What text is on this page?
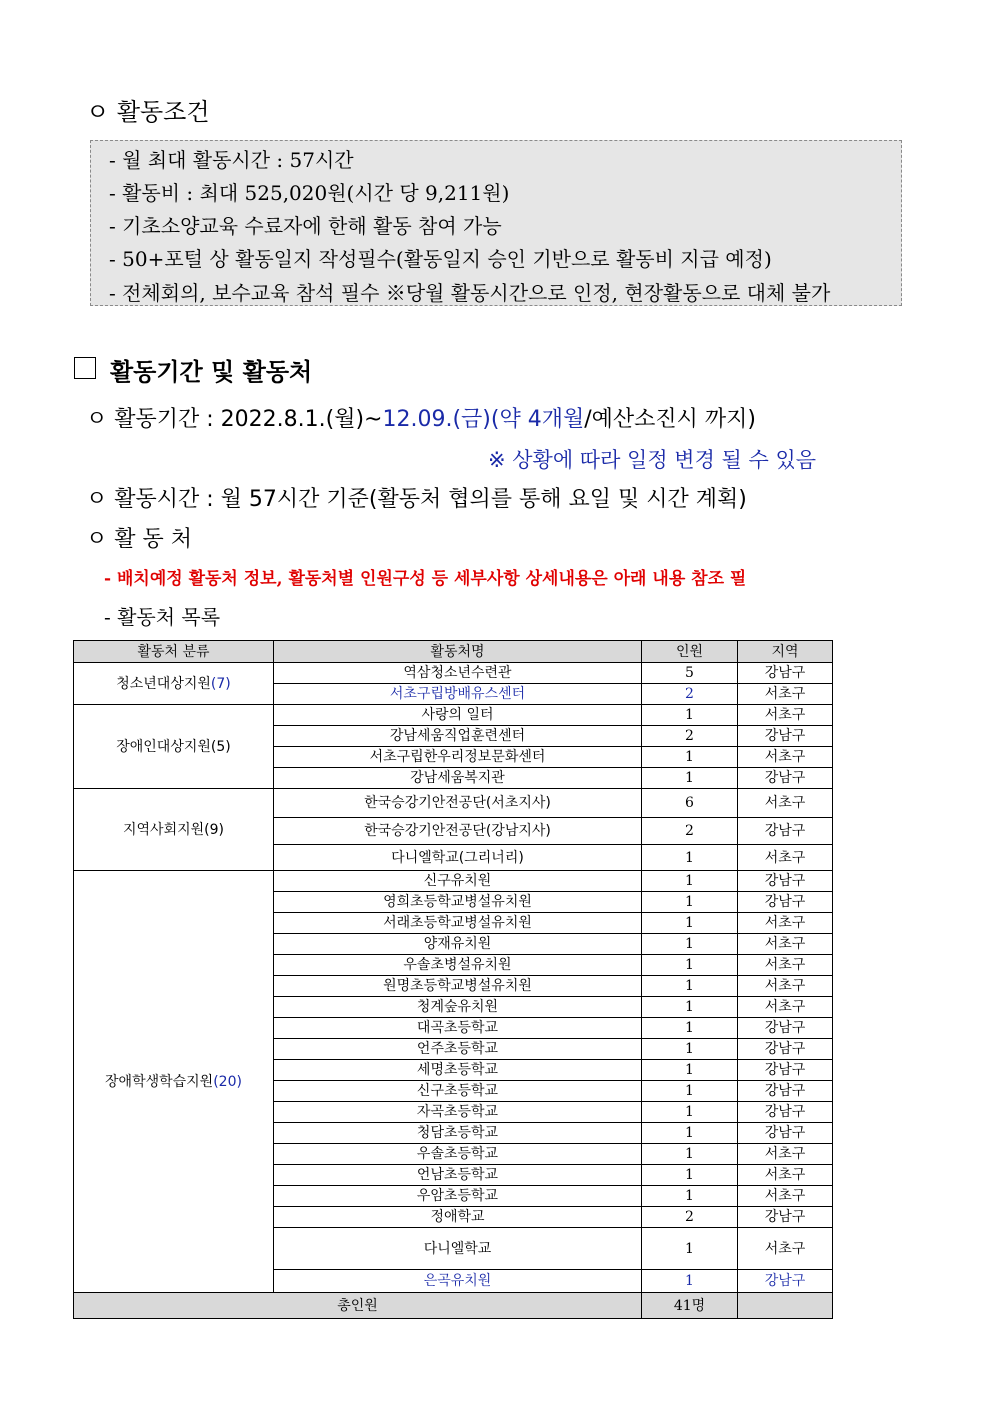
ㅇ 활동조건
- 월 최대 활동시간 : 57시간
- 활동비 : 최대 525,020원(시간 당 9,211원)
- 기초소양교육 수료자에 한해 활동 참여 가능
- 50+포털 상 활동일지 작성필수(활동일지 승인 기반으로 활동비 지급 예정)
- 전체회의, 보수교육 참석 필수 ※당월 활동시간으로 인정, 현장활동으로 대체 불가
활동기간 및 활동처
ㅇ 활동기간 : 2022.8.1.(월)~12.09.(금)(약 4개월/예산소진시 까지)
※ 상황에 따라 일정 변경 될 수 있음
ㅇ 활동시간 : 월 57시간 기준(활동처 협의를 통해 요일 및 시간 계획)
ㅇ 활 동 처
- 배치예정 활동처 정보, 활동처별 인원구성 등 세부사항 상세내용은 아래 내용 참조 필
- 활동처 목록
활동처 분류	활동처명	인원	지역
청소년대상지원(7)	역삼청소년수련관	5	강남구
	서초구립방배유스센터	2	서초구
장애인대상지원(5)	사랑의 일터	1	서초구
	강남세움직업훈련센터	2	강남구
	서초구립한우리정보문화센터	1	서초구
	강남세움복지관	1	강남구
지역사회지원(9)	한국승강기안전공단(서초지사)	6	서초구
	한국승강기안전공단(강남지사)	2	강남구
	다니엘학교(그리너리)	1	서초구
장애학생학습지원(20)	신구유치원	1	강남구
	영희초등학교병설유치원	1	강남구
	서래초등학교병설유치원	1	서초구
	양재유치원	1	서초구
	우솔초병설유치원	1	서초구
	원명초등학교병설유치원	1	서초구
	청계숲유치원	1	서초구
	대곡초등학교	1	강남구
	언주초등학교	1	강남구
	세명초등학교	1	강남구
	신구초등학교	1	강남구
	자곡초등학교	1	강남구
	청담초등학교	1	강남구
	우솔초등학교	1	서초구
	언남초등학교	1	서초구
	우암초등학교	1	서초구
	정애학교	2	강남구
	다니엘학교	1	서초구
	은곡유치원	1	강남구
총인원		41명	
